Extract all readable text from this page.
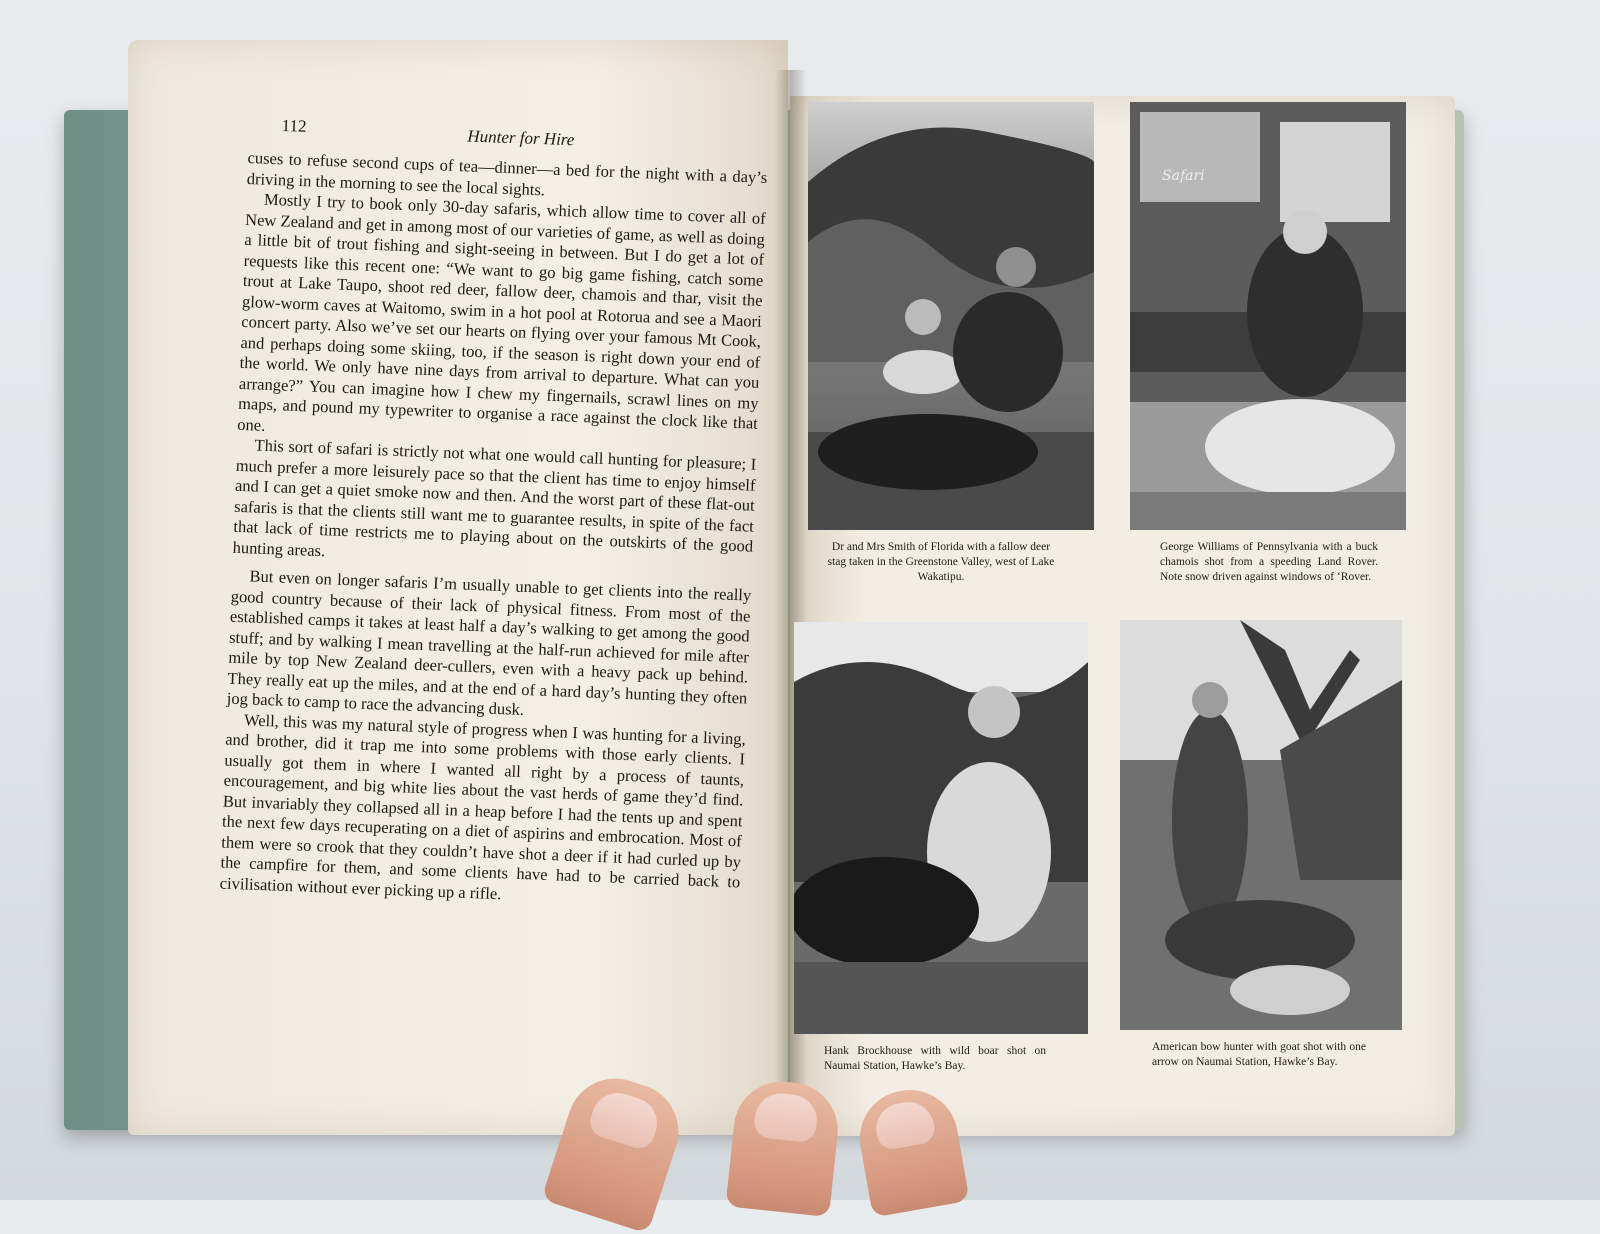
112
Hunter for Hire

cuses to refuse second cups of tea—dinner—a bed for the night with a day’s driving in the morning to see the local sights.

Mostly I try to book only 30-day safaris, which allow time to cover all of New Zealand and get in among most of our varieties of game, as well as doing a little bit of trout fishing and sight-seeing in between. But I do get a lot of requests like this recent one: “We want to go big game fishing, catch some trout at Lake Taupo, shoot red deer, fallow deer, chamois and thar, visit the glow-worm caves at Waitomo, swim in a hot pool at Rotorua and see a Maori concert party. Also we’ve set our hearts on flying over your famous Mt Cook, and perhaps doing some skiing, too, if the season is right down your end of the world. We only have nine days from arrival to departure. What can you arrange?” You can imagine how I chew my fingernails, scrawl lines on my maps, and pound my typewriter to organise a race against the clock like that one.

This sort of safari is strictly not what one would call hunting for pleasure; I much prefer a more leisurely pace so that the client has time to enjoy himself and I can get a quiet smoke now and then. And the worst part of these flat-out safaris is that the clients still want me to guarantee results, in spite of the fact that lack of time restricts me to playing about on the outskirts of the good hunting areas.

But even on longer safaris I’m usually unable to get clients into the really good country because of their lack of physical fitness. From most of the established camps it takes at least half a day’s walking to get among the good stuff; and by walking I mean travelling at the half-run achieved for mile after mile by top New Zealand deer-cullers, even with a heavy pack up behind. They really eat up the miles, and at the end of a hard day’s hunting they often jog back to camp to race the advancing dusk.

Well, this was my natural style of progress when I was hunting for a living, and brother, did it trap me into some problems with those early clients. I usually got them in where I wanted all right by a process of taunts, encouragement, and big white lies about the vast herds of game they’d find. But invariably they collapsed all in a heap before I had the tents up and spent the next few days recuperating on a diet of aspirins and embrocation. Most of them were so crook that they couldn’t have shot a deer if it had curled up by the campfire for them, and some clients have had to be carried back to civilisation without ever picking up a rifle.

Dr and Mrs Smith of Florida with a fallow deer stag taken in the Greenstone Valley, west of Lake Wakatipu.
Safari
George Williams of Pennsylvania with a buck chamois shot from a speeding Land Rover. Note snow driven against windows of ‘Rover.
Hank Brockhouse with wild boar shot on Naumai Station, Hawke’s Bay.
American bow hunter with goat shot with one arrow on Naumai Station, Hawke’s Bay.
